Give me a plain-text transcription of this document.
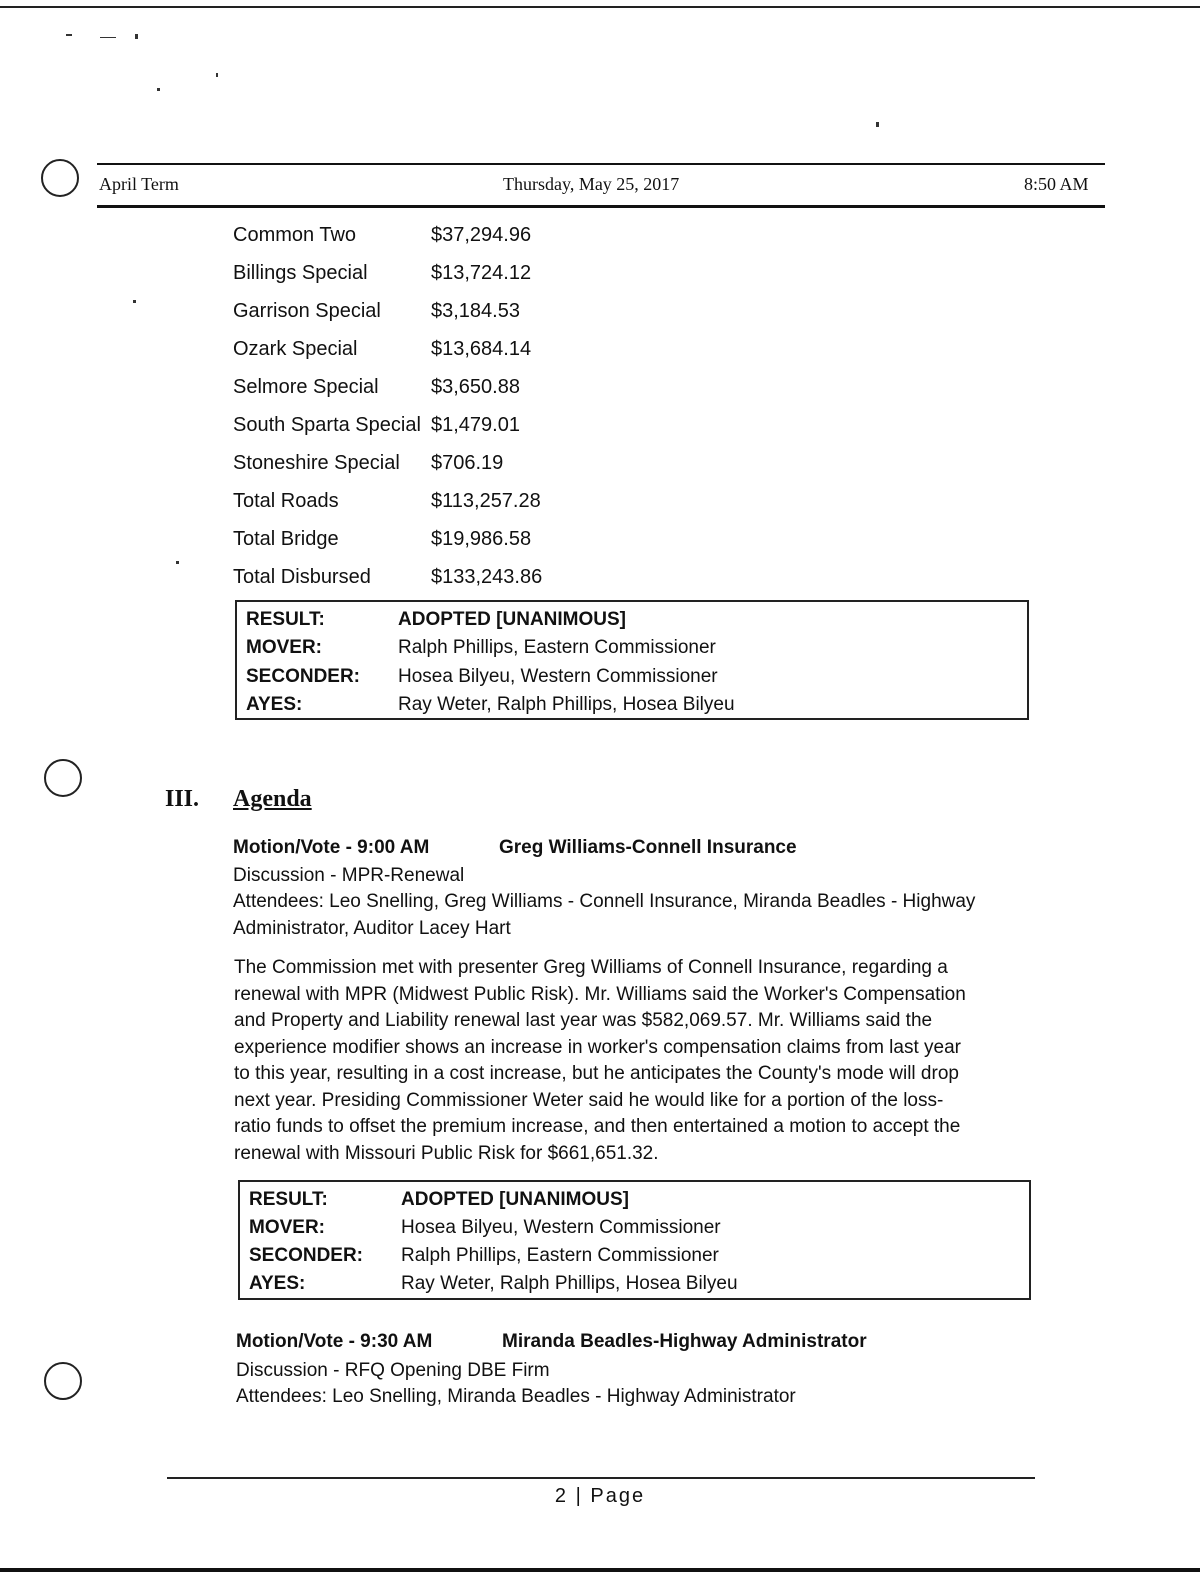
April Term	Thursday, May 25, 2017	8:50 AM
Common Two	$37,294.96
Billings Special	$13,724.12
Garrison Special	$3,184.53
Ozark Special	$13,684.14
Selmore Special	$3,650.88
South Sparta Special $1,479.01
Stoneshire Special $706.19
Total Roads	$113,257.28
Total Bridge	$19,986.58
Total Disbursed	$133,243.86
RESULT:	ADOPTED [UNANIMOUS]
MOVER:	Ralph Phillips, Eastern Commissioner
SECONDER: Hosea Bilyeu, Western Commissioner
AYES:	Ray Weter, Ralph Phillips, Hosea Bilyeu
III. Agenda
Motion/Vote - 9:00 AM	Greg Williams-Connell Insurance
Discussion - MPR-Renewal
Attendees: Leo Snelling, Greg Williams - Connell Insurance, Miranda Beadles - Highway
Administrator, Auditor Lacey Hart
The Commission met with presenter Greg Williams of Connell Insurance, regarding a
renewal with MPR (Midwest Public Risk). Mr. Williams said the Worker's Compensation
and Property and Liability renewal last year was $582,069.57. Mr. Williams said the
experience modifier shows an increase in worker's compensation claims from last year
to this year, resulting in a cost increase, but he anticipates the County's mode will drop
next year. Presiding Commissioner Weter said he would like for a portion of the loss-
ratio funds to offset the premium increase, and then entertained a motion to accept the
renewal with Missouri Public Risk for $661,651.32.
RESULT:	ADOPTED [UNANIMOUS]
MOVER:	Hosea Bilyeu, Western Commissioner
SECONDER: Ralph Phillips, Eastern Commissioner
AYES:	Ray Weter, Ralph Phillips, Hosea Bilyeu
Motion/Vote - 9:30 AM	Miranda Beadles-Highway Administrator
Discussion - RFQ Opening DBE Firm
Attendees: Leo Snelling, Miranda Beadles - Highway Administrator
2 | Page
